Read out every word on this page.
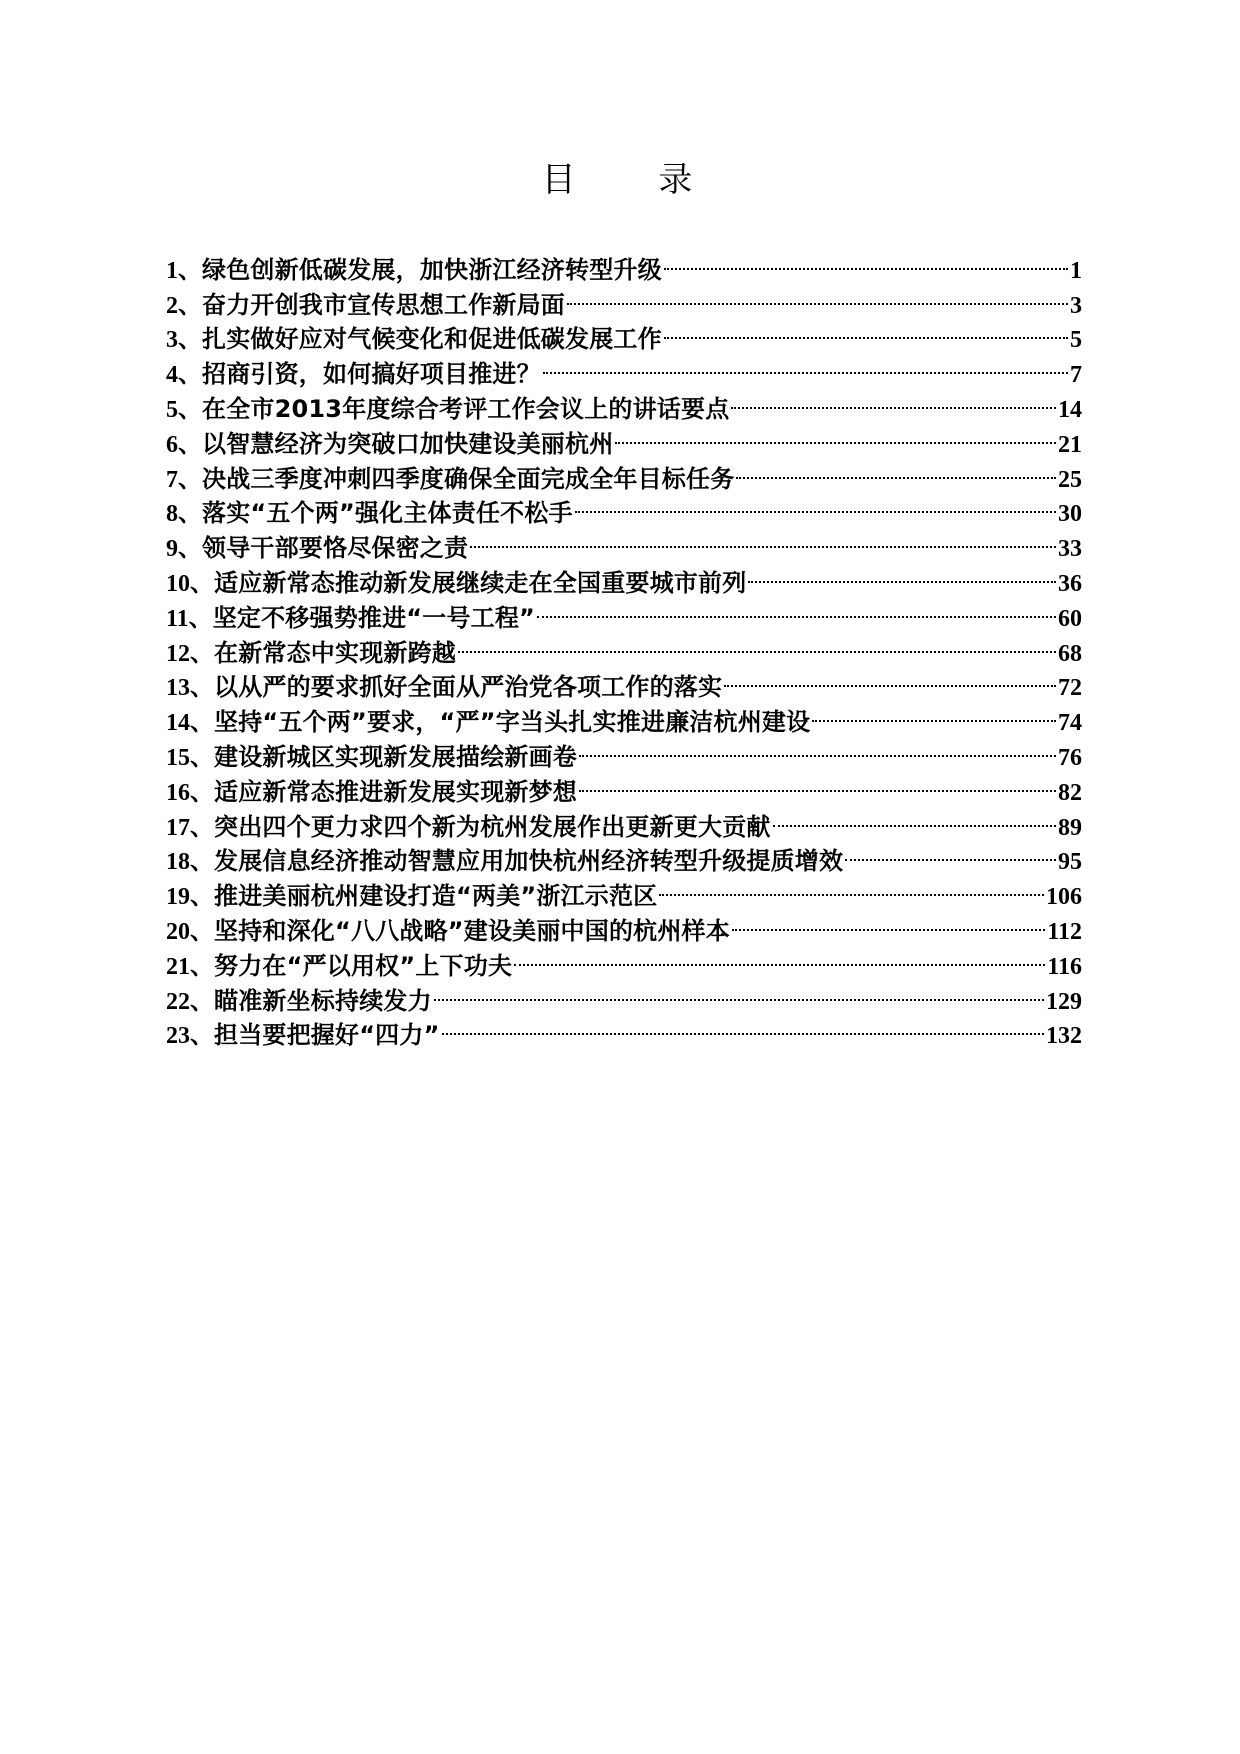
目 录
1、 绿色创新低碳发展，加快浙江经济转型升级	1
2、 奋力开创我市宣传思想工作新局面	3
3、 扎实做好应对气候变化和促进低碳发展工作	5
4、 招商引资，如何搞好项目推进？	7
5、 在全市2013年度综合考评工作会议上的讲话要点	14
6、 以智慧经济为突破口加快建设美丽杭州	21
7、 决战三季度冲刺四季度确保全面完成全年目标任务	25
8、 落实“五个两”强化主体责任不松手	30
9、 领导干部要恪尽保密之责	33
10、 适应新常态推动新发展继续走在全国重要城市前列	36
11、 坚定不移强势推进“一号工程”	60
12、 在新常态中实现新跨越	68
13、 以从严的要求抓好全面从严治党各项工作的落实	72
14、 坚持“五个两”要求，“严”字当头扎实推进廉洁杭州建设	74
15、 建设新城区实现新发展描绘新画卷	76
16、 适应新常态推进新发展实现新梦想	82
17、 突出四个更力求四个新为杭州发展作出更新更大贡献	89
18、 发展信息经济推动智慧应用加快杭州经济转型升级提质增效	95
19、 推进美丽杭州建设打造“两美”浙江示范区	106
20、 坚持和深化“八八战略”建设美丽中国的杭州样本	112
21、 努力在“严以用权”上下功夫	116
22、 瞄准新坐标持续发力	129
23、 担当要把握好“四力”	132
